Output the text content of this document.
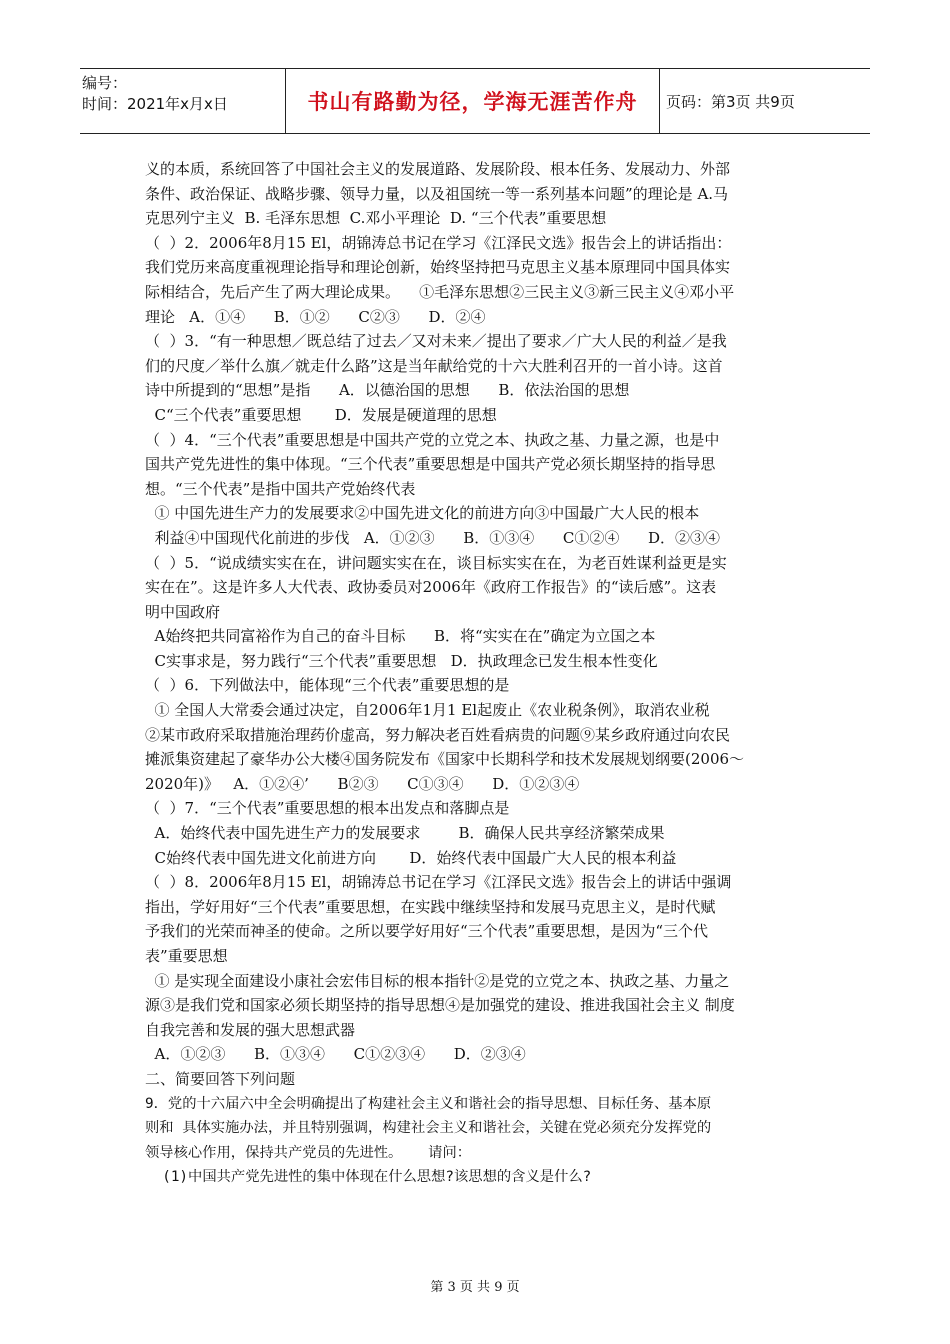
编号：
时间：2021年x月x日	书山有路勤为径，学海无涯苦作舟	页码：第3页 共9页

义的本质，系统回答了中国社会主义的发展道路、发展阶段、根本任务、发展动力、外部

条件、政治保证、战略步骤、领导力量，以及祖国统一等一系列基本问题”的理论是 A.马

克思列宁主义  B. 毛泽东思想  C.邓小平理论  D. “三个代表”重要思想

（  ）2．2006年8月15 El，胡锦涛总书记在学习《江泽民文选》报告会上的讲话指出：

我们党历来高度重视理论指导和理论创新，始终坚持把马克思主义基本原理同中国具体实

际相结合，先后产生了两大理论成果。    ①毛泽东思想②三民主义③新三民主义④邓小平

理论   A．①④      B．①②      C②③      D．②④

（  ）3．“有一种思想／既总结了过去／又对未来／提出了要求／广大人民的利益／是我

们的尺度／举什么旗／就走什么路”这是当年献给党的十六大胜利召开的一首小诗。这首

诗中所提到的“思想”是指      A．以德治国的思想      B．依法治国的思想

C“三个代表”重要思想       D．发展是硬道理的思想

（  ）4．“三个代表”重要思想是中国共产党的立党之本、执政之基、力量之源，也是中

国共产党先进性的集中体现。“三个代表”重要思想是中国共产党必须长期坚持的指导思

想。“三个代表”是指中国共产党始终代表

① 中国先进生产力的发展要求②中国先进文化的前进方向③中国最广大人民的根本

利益④中国现代化前进的步伐   A．①②③      B．①③④      C①②④      D．②③④

（  ）5．“说成绩实实在在，讲问题实实在在，谈目标实实在在，为老百姓谋利益更是实

实在在”。这是许多人大代表、政协委员对2006年《政府工作报告》的“读后感”。这表

明中国政府

A始终把共同富裕作为自己的奋斗目标      B．将“实实在在”确定为立国之本

C实事求是，努力践行“三个代表”重要思想   D．执政理念已发生根本性变化

（  ）6．下列做法中，能体现“三个代表”重要思想的是

① 全国人大常委会通过决定，自2006年1月1 El起废止《农业税条例》，取消农业税

②某市政府采取措施治理药价虚高，努力解决老百姓看病贵的问题⑨某乡政府通过向农民

摊派集资建起了豪华办公大楼④国务院发布《国家中长期科学和技术发展规划纲要(2006～

2020年)》   A．①②④’      B②③      C①③④      D．①②③④

（  ）7．“三个代表”重要思想的根本出发点和落脚点是

A．始终代表中国先进生产力的发展要求        B．确保人民共享经济繁荣成果

C始终代表中国先进文化前进方向       D．始终代表中国最广大人民的根本利益

（  ）8．2006年8月15 El，胡锦涛总书记在学习《江泽民文选》报告会上的讲话中强调

指出，学好用好“三个代表”重要思想，在实践中继续坚持和发展马克思主义，是时代赋

予我们的光荣而神圣的使命。之所以要学好用好“三个代表”重要思想，是因为“三个代

表”重要思想

① 是实现全面建设小康社会宏伟目标的根本指针②是党的立党之本、执政之基、力量之

源③是我们党和国家必须长期坚持的指导思想④是加强党的建设、推进我国社会主义 制度

自我完善和发展的强大思想武器

A．①②③      B．①③④      C①②③④      D．②③④

二、简要回答下列问题

9．党的十六届六中全会明确提出了构建社会主义和谐社会的指导思想、目标任务、基本原

则和 具体实施办法，并且特别强调，构建社会主义和谐社会，关键在党必须充分发挥党的

领导核心作用，保持共产党员的先进性。   请问：

(1)中国共产党先进性的集中体现在什么思想?该思想的含义是什么?

第 3 页 共 9 页
